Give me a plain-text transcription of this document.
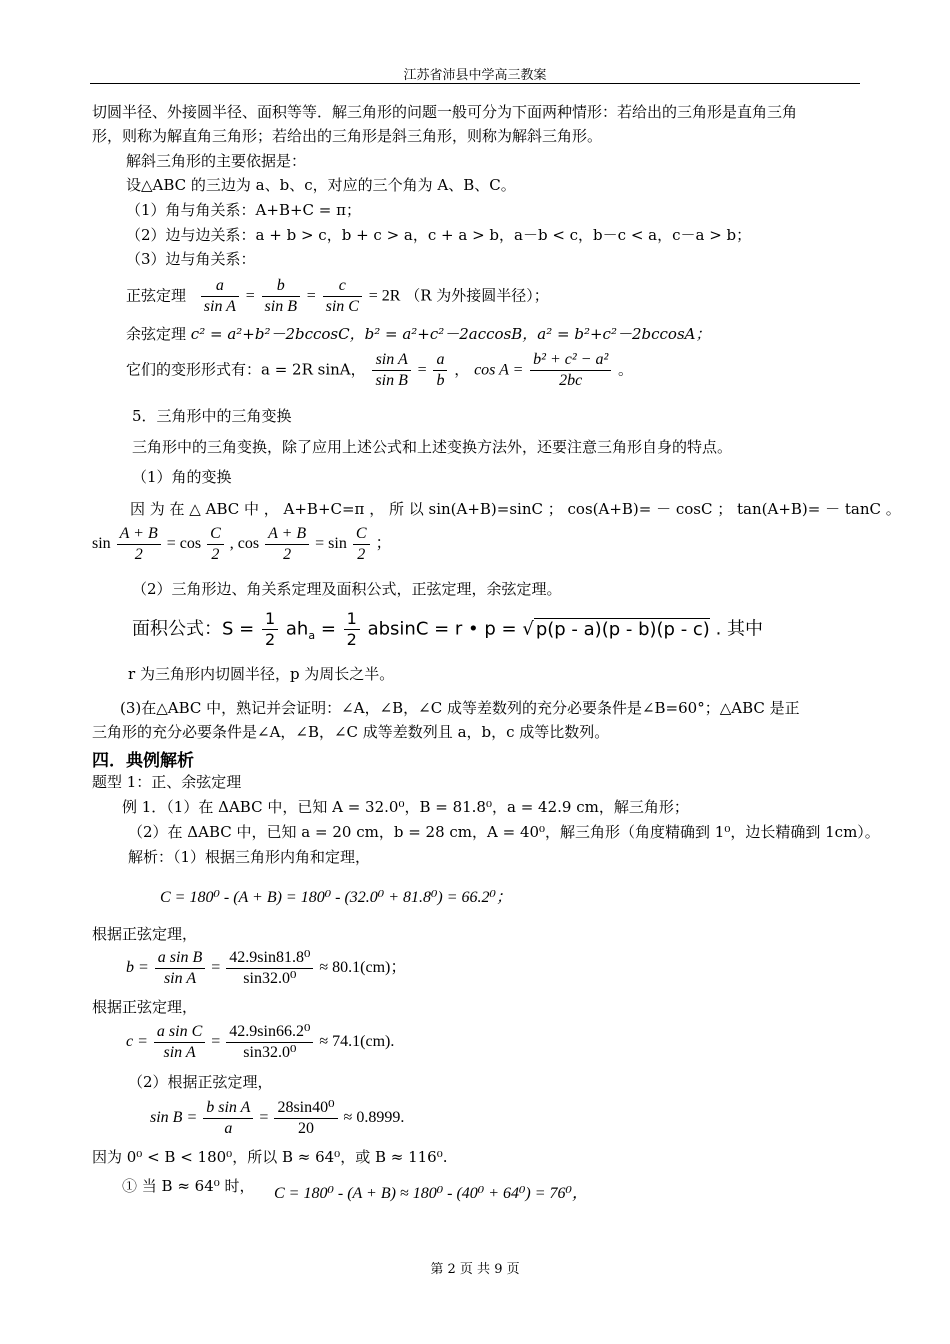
江苏省沛县中学高三教案
切圆半径、外接圆半径、面积等等．解三角形的问题一般可分为下面两种情形：若给出的三角形是直角三角
形，则称为解直角三角形；若给出的三角形是斜三角形，则称为解斜三角形。
解斜三角形的主要依据是：
设△ABC 的三边为 a、b、c，对应的三个角为 A、B、C。
（1）角与角关系：A+B+C = π；
（2）边与边关系：a + b > c，b + c > a，c + a > b，a－b < c，b－c < a，c－a > b；
（3）边与角关系：
正弦定理 $\frac{a}{\text{sin A}} = \frac{b}{\text{sin B}} = \frac{c}{\text{sin C}} = 2R$ （R 为外接圆半径）；
余弦定理 c² = a²+b²－2bccosC，b² = a²+c²－2accosB，a² = b²+c²－2bccosA；
它们的变形形式有：a = 2R sinA， $\frac{\text{sin A}}{\text{sin B}} = \frac{a}{b}$ ， $\cos A = \frac{\text{b² + c² − a²}}{2bc}$ 。
5．三角形中的三角变换
三角形中的三角变换，除了应用上述公式和上述变换方法外，还要注意三角形自身的特点。
（1）角的变换
因 为 在 △ ABC 中 ， A+B+C=π ， 所 以 sin(A+B)=sinC ； cos(A+B)= － cosC ； tan(A+B)= － tanC 。
$\sin \frac{A + B}{2} = \cos \frac{C}{2}$ , $\cos \frac{A + B}{2} = \sin \frac{C}{2}$ ；
（2）三角形边、角关系定理及面积公式，正弦定理，余弦定理。
面积公式：$S = \frac{1}{2} ah_a = \frac{1}{2}$ absinC = r • p = √ p(p - a)(p - b)(p - c) . 其中
r 为三角形内切圆半径，p 为周长之半。
(3)在△ABC 中，熟记并会证明：∠A，∠B，∠C 成等差数列的充分必要条件是∠B=60°；△ABC 是正
三角形的充分必要条件是∠A，∠B，∠C 成等差数列且 a，b，c 成等比数列。
四．典例解析
题型 1：正、余弦定理
例 1．（1）在 ΔABC 中，已知 A = 32.0⁰，B = 81.8⁰，a = 42.9 cm，解三角形；
（2）在 ΔABC 中，已知 a = 20 cm，b = 28 cm，A = 40⁰，解三角形（角度精确到 1⁰，边长精确到 1cm）。
解析：（1）根据三角形内角和定理，
C = 180⁰ - (A + B) = 180⁰ - (32.0⁰ + 81.8⁰) = 66.2⁰；
根据正弦定理，
$b = \frac{\text{a sin B}}{\text{sin A}} = \frac{\text{42.9sin81.8⁰}}{\text{sin32.0⁰}} \approx 80.1(cm)$；
根据正弦定理，
$c = \frac{\text{a sin C}}{\text{sin A}} = \frac{\text{42.9sin66.2⁰}}{\text{sin32.0⁰}} \approx 74.1(cm)$.
（2）根据正弦定理，
$\sin B = \frac{\text{b sin A}}{a} = \frac{\text{28sin40⁰}}{20} \approx 0.8999$.
因为 0⁰ < B < 180⁰，所以 B ≈ 64⁰，或 B ≈ 116⁰.
① 当 B ≈ 64⁰ 时， C = 180⁰ - (A + B) ≈ 180⁰ - (40⁰ + 64⁰) = 76⁰，
第 2 页 共 9 页
